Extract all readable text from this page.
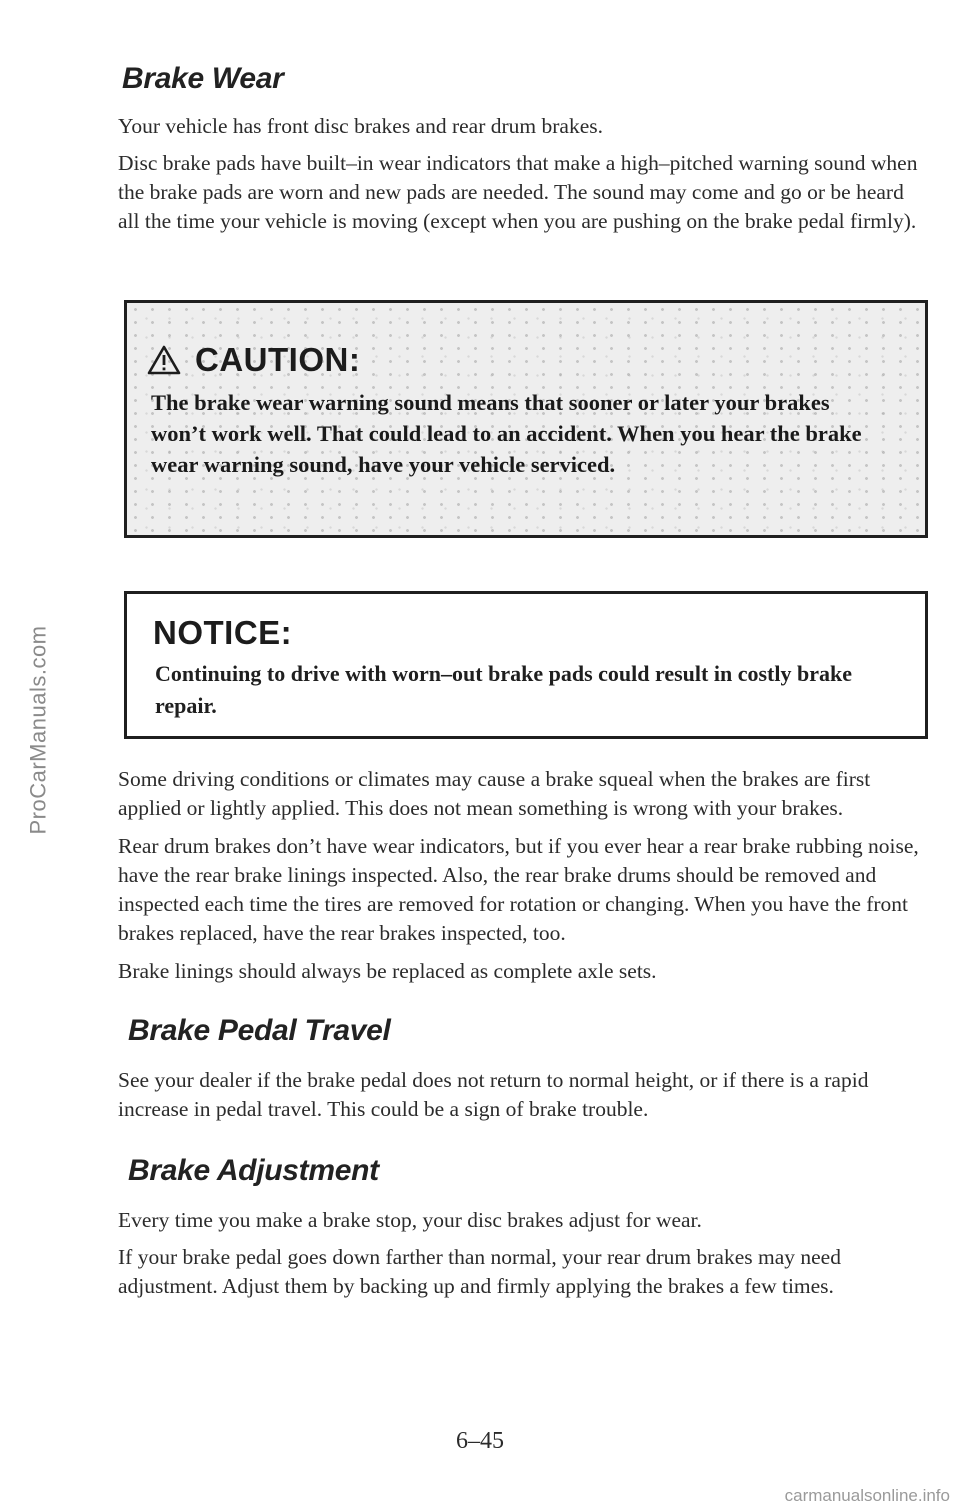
ProCarManuals.com
Brake Wear

Your vehicle has front disc brakes and rear drum brakes.

Disc brake pads have built–in wear indicators that make a high–pitched warning sound when the brake pads are worn and new pads are needed. The sound may come and go or be heard all the time your vehicle is moving (except when you are pushing on the brake pedal firmly).

CAUTION:
The brake wear warning sound means that sooner or later your brakes won’t work well. That could lead to an accident. When you hear the brake wear warning sound, have your vehicle serviced.
NOTICE:
Continuing to drive with worn–out brake pads could result in costly brake repair.

Some driving conditions or climates may cause a brake squeal when the brakes are first applied or lightly applied. This does not mean something is wrong with your brakes.

Rear drum brakes don’t have wear indicators, but if you ever hear a rear brake rubbing noise, have the rear brake linings inspected. Also, the rear brake drums should be removed and inspected each time the tires are removed for rotation or changing. When you have the front brakes replaced, have the rear brakes inspected, too.

Brake linings should always be replaced as complete axle sets.

Brake Pedal Travel

See your dealer if the brake pedal does not return to normal height, or if there is a rapid increase in pedal travel. This could be a sign of brake trouble.

Brake Adjustment

Every time you make a brake stop, your disc brakes adjust for wear.

If your brake pedal goes down farther than normal, your rear drum brakes may need adjustment. Adjust them by backing up and firmly applying the brakes a few times.

6–45
carmanualsonline.info
